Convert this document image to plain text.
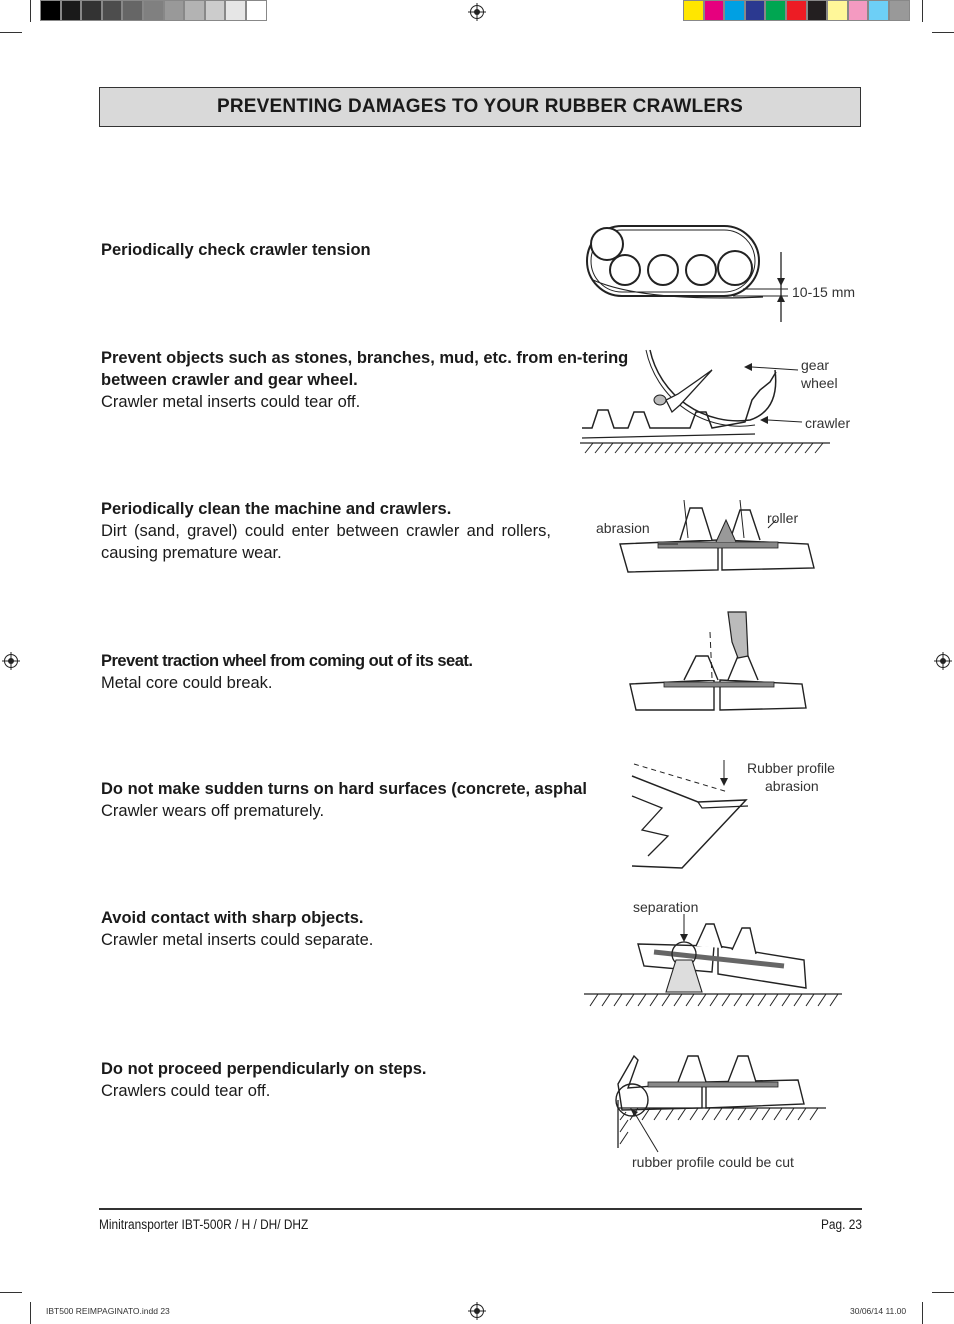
PREVENTING DAMAGES TO YOUR RUBBER CRAWLERS
Periodically check crawler tension
10-15 mm
Prevent objects such as stones, branches, mud, etc. from en-tering between crawler and gear wheel.
Crawler metal inserts could tear off.
gear
wheel
crawler
Periodically clean the machine and crawlers.
Dirt (sand, gravel) could enter between crawler and rollers, causing premature wear.
abrasion
roller
Prevent traction wheel from coming out of its seat.
Metal core could break.
Do not make sudden turns on hard surfaces (concrete, asphal
Crawler wears off prematurely.
Rubber profile
abrasion
Avoid contact with sharp objects.
Crawler metal inserts could separate.
separation
Do not proceed perpendicularly on steps.
Crawlers could tear off.
rubber profile could be cut
Minitransporter IBT-500R / H / DH/ DHZ	Pag. 23
IBT500 REIMPAGINATO.indd 23	30/06/14 11.00
